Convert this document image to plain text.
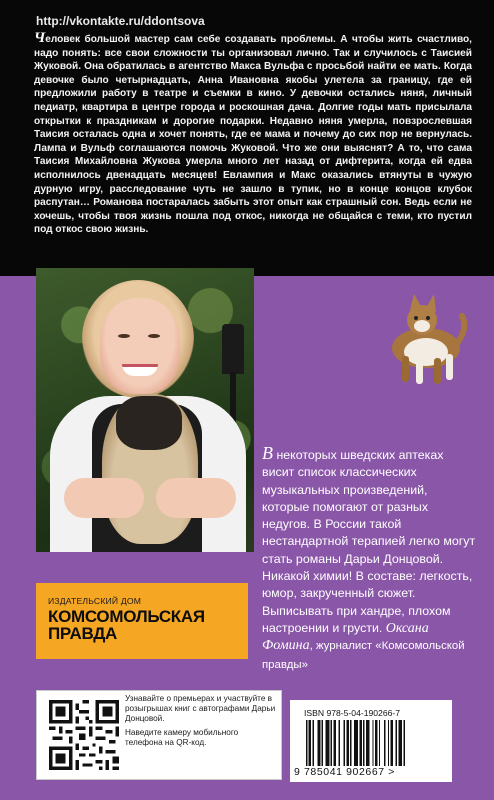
http://vkontakte.ru/ddontsova
Человек большой мастер сам себе создавать проблемы. А чтобы жить счастливо, надо понять: все свои сложности ты организовал лично. Так и случилось с Таисией Жуковой. Она обратилась в агентство Макса Вульфа с просьбой найти ее мать. Когда девочке было четырнадцать, Анна Ивановна якобы улетела за границу, где ей предложили работу в театре и съемки в кино. У девочки остались няня, личный педиатр, квартира в центре города и роскошная дача. Долгие годы мать присылала открытки к праздникам и дорогие подарки. Недавно няня умерла, повзрослевшая Таисия осталась одна и хочет понять, где ее мама и почему до сих пор не вернулась. Лампа и Вульф соглашаются помочь Жуковой. Что же они выяснят? А то, что сама Таисия Михайловна Жукова умерла много лет назад от дифтерита, когда ей едва исполнилось двенадцать месяцев! Евлампия и Макс оказались втянуты в чужую дурную игру, расследование чуть не зашло в тупик, но в конце концов клубок распутан… Романова постаралась забыть этот опыт как страшный сон. Ведь если не хочешь, чтобы твоя жизнь пошла под откос, никогда не общайся с теми, кто пустил под откос свою жизнь.
В некоторых шведских аптеках висит список классических музыкальных произведений, которые помогают от разных недугов. В России такой нестандартной терапией легко могут стать романы Дарьи Донцовой. Никакой химии! В составе: легкость, юмор, закрученный сюжет. Выписывать при хандре, плохом настроении и грусти. Оксана Фомина, журналист «Комсомольской правды»
ИЗДАТЕЛЬСКИЙ ДОМ
КОМСОМОЛЬСКАЯ ПРАВДА

Узнавайте о премьерах и участвуйте в розыгрышах книг с автографами Дарьи Донцовой.

Наведите камеру мобильного телефона на QR-код.

ISBN 978-5-04-190266-7
9 785041 902667 >
